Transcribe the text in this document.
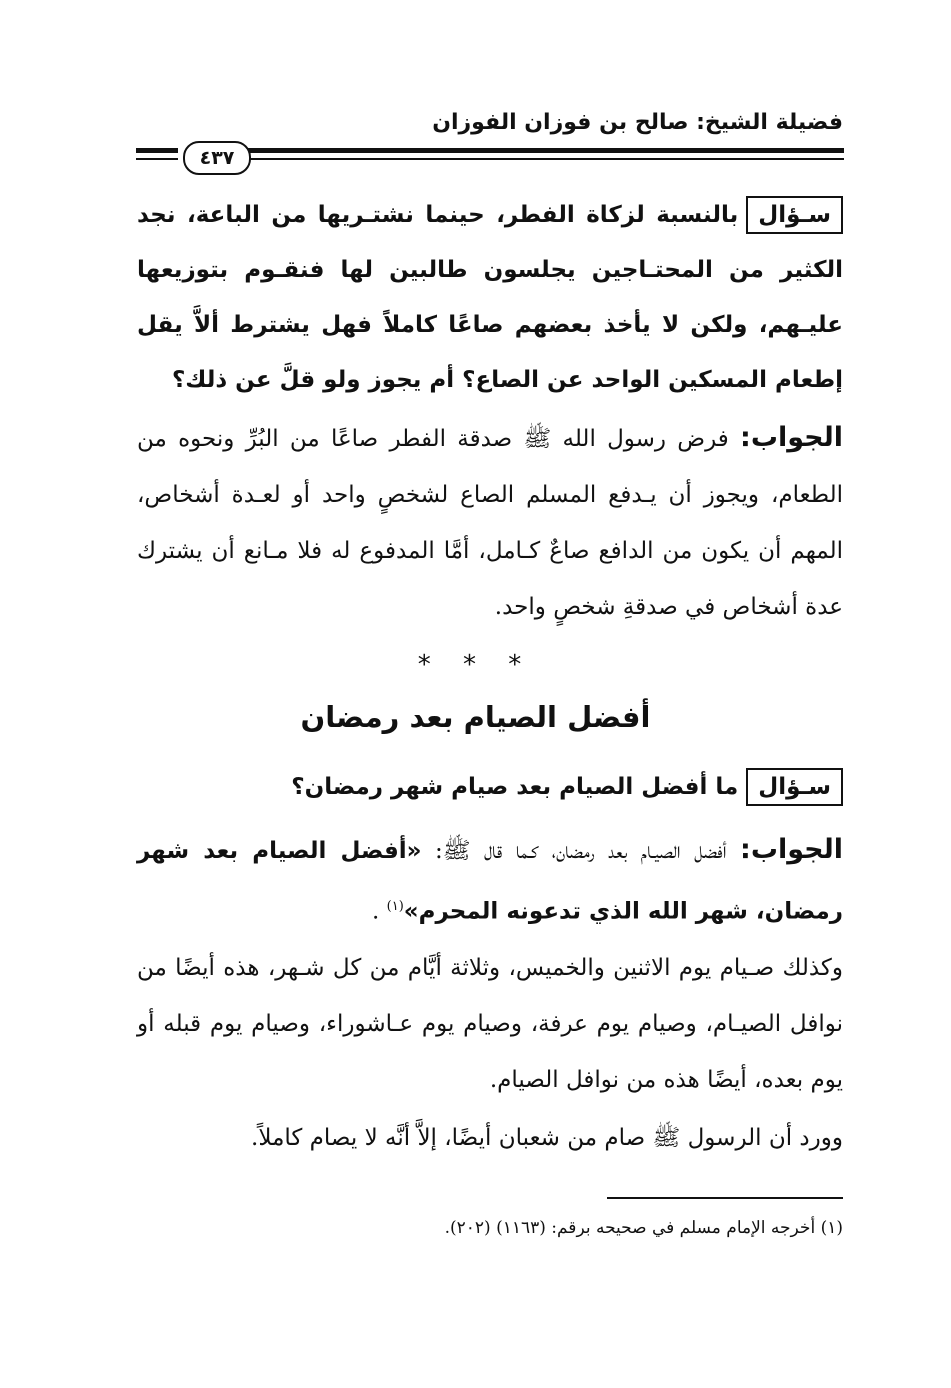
فضيلة الشيخ: صالح بن فوزان الفوزان
٤٣٧
سـؤالبالنسبة لزكاة الفطر، حينما نشتـريها من الباعة، نجد الكثير من المحتـاجين يجلسون طالبين لها فنقـوم بتوزيعها عليـهم، ولكن لا يأخذ بعضهم صاعًا كاملاً فهل يشترط ألاَّ يقل إطعام المسكين الواحد عن الصاع؟ أم يجوز ولو قلَّ عن ذلك؟
الجواب: فرض رسول الله ﷺ صدقة الفطر صاعًا من البُرِّ ونحوه من الطعام، ويجوز أن يـدفع المسلم الصاع لشخصٍ واحد أو لعـدة أشخاص، المهم أن يكون من الدافع صاعٌ كـامل، أمَّا المدفوع له فلا مـانع أن يشترك عدة أشخاص في صدقةِ شخصٍ واحد.
* * *
أفضل الصيام بعد رمضان
سـؤالما أفضل الصيام بعد صيام شهر رمضان؟
الجواب: أفضل الصيـام بعد رمضان، كـما قال ﷺ: «أفضل الصيام بعد شهر رمضان، شهر الله الذي تدعونه المحرم»$^{(١)}$ .
وكذلك صـيام يوم الاثنين والخميس، وثلاثة أيَّام من كل شـهر، هذه أيضًا من نوافل الصيـام، وصيام يوم عرفة، وصيام يوم عـاشوراء، وصيام يوم قبله أو يوم بعده، أيضًا هذه من نوافل الصيام.
وورد أن الرسول ﷺ صام من شعبان أيضًا، إلاَّ أنَّه لا يصام كاملاً.
(١) أخرجه الإمام مسلم في صحيحه برقم: (١١٦٣) (٢٠٢).
